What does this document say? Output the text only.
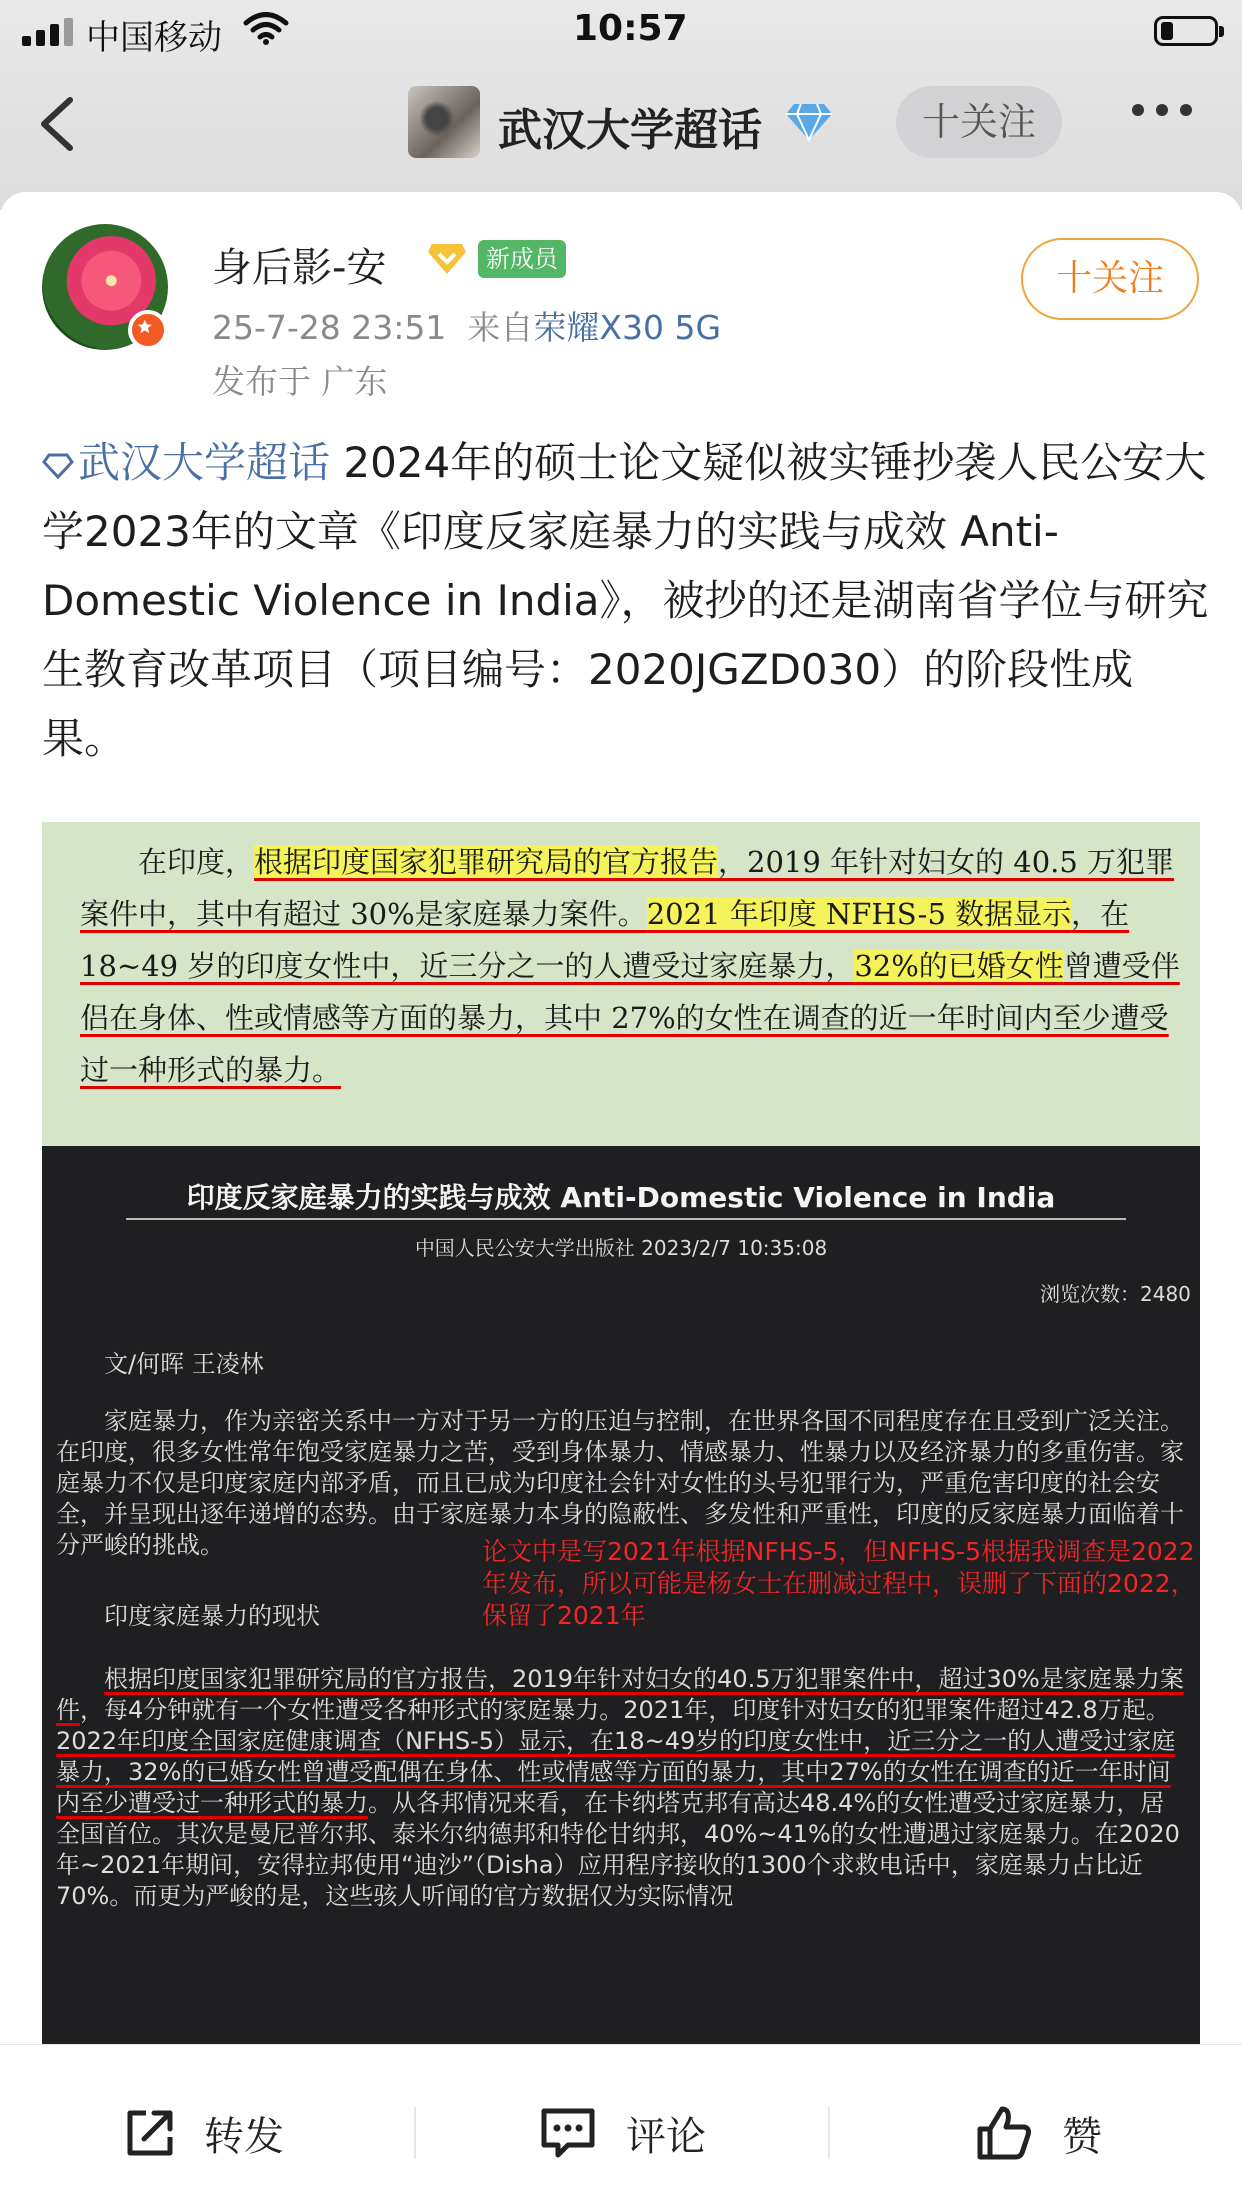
中国移动	10:57
武汉大学超话	十关注
身后影-安	新成员
25-7-28 23:51 来自荣耀X30 5G
发布于 广东
十关注
武汉大学超话 2024年的硕士论文疑似被实锤抄袭人民公安大学2023年的文章《印度反家庭暴力的实践与成效 Anti-Domestic Violence in India》，被抄的还是湖南省学位与研究生教育改革项目（项目编号：2020JGZD030）的阶段性成果。
在印度，根据印度国家犯罪研究局的官方报告，2019 年针对妇女的 40.5 万犯罪案件中，其中有超过 30%是家庭暴力案件。2021 年印度 NFHS-5 数据显示，在 18~49 岁的印度女性中，近三分之一的人遭受过家庭暴力，32%的已婚女性曾遭受伴侣在身体、性或情感等方面的暴力，其中 27%的女性在调查的近一年时间内至少遭受过一种形式的暴力。
印度反家庭暴力的实践与成效 Anti-Domestic Violence in India
中国人民公安大学出版社 2023/2/7 10:35:08
浏览次数：2480
文/何晖 王凌林
家庭暴力，作为亲密关系中一方对于另一方的压迫与控制，在世界各国不同程度存在且受到广泛关注。在印度，很多女性常年饱受家庭暴力之苦，受到身体暴力、情感暴力、性暴力以及经济暴力的多重伤害。家庭暴力不仅是印度家庭内部矛盾，而且已成为印度社会针对女性的头号犯罪行为，严重危害印度的社会安全，并呈现出逐年递增的态势。由于家庭暴力本身的隐蔽性、多发性和严重性，印度的反家庭暴力面临着十分严峻的挑战。
印度家庭暴力的现状
根据印度国家犯罪研究局的官方报告，2019年针对妇女的40.5万犯罪案件中，超过30%是家庭暴力案件，每4分钟就有一个女性遭受各种形式的家庭暴力。2021年，印度针对妇女的犯罪案件超过42.8万起。2022年印度全国家庭健康调查（NFHS-5）显示，在18~49岁的印度女性中，近三分之一的人遭受过家庭暴力，32%的已婚女性曾遭受配偶在身体、性或情感等方面的暴力，其中27%的女性在调查的近一年时间内至少遭受过一种形式的暴力。从各邦情况来看，在卡纳塔克邦有高达48.4%的女性遭受过家庭暴力，居全国首位。其次是曼尼普尔邦、泰米尔纳德邦和特伦甘纳邦，40%~41%的女性遭遇过家庭暴力。在2020年~2021年期间，安得拉邦使用“迪沙”（Disha）应用程序接收的1300个求救电话中，家庭暴力占比近70%。而更为严峻的是，这些骇人听闻的官方数据仅为实际情况
论文中是写2021年根据NFHS-5，但NFHS-5根据我调查是2022年发布，所以可能是杨女士在删减过程中，误删了下面的2022，保留了2021年
转发	评论	赞
